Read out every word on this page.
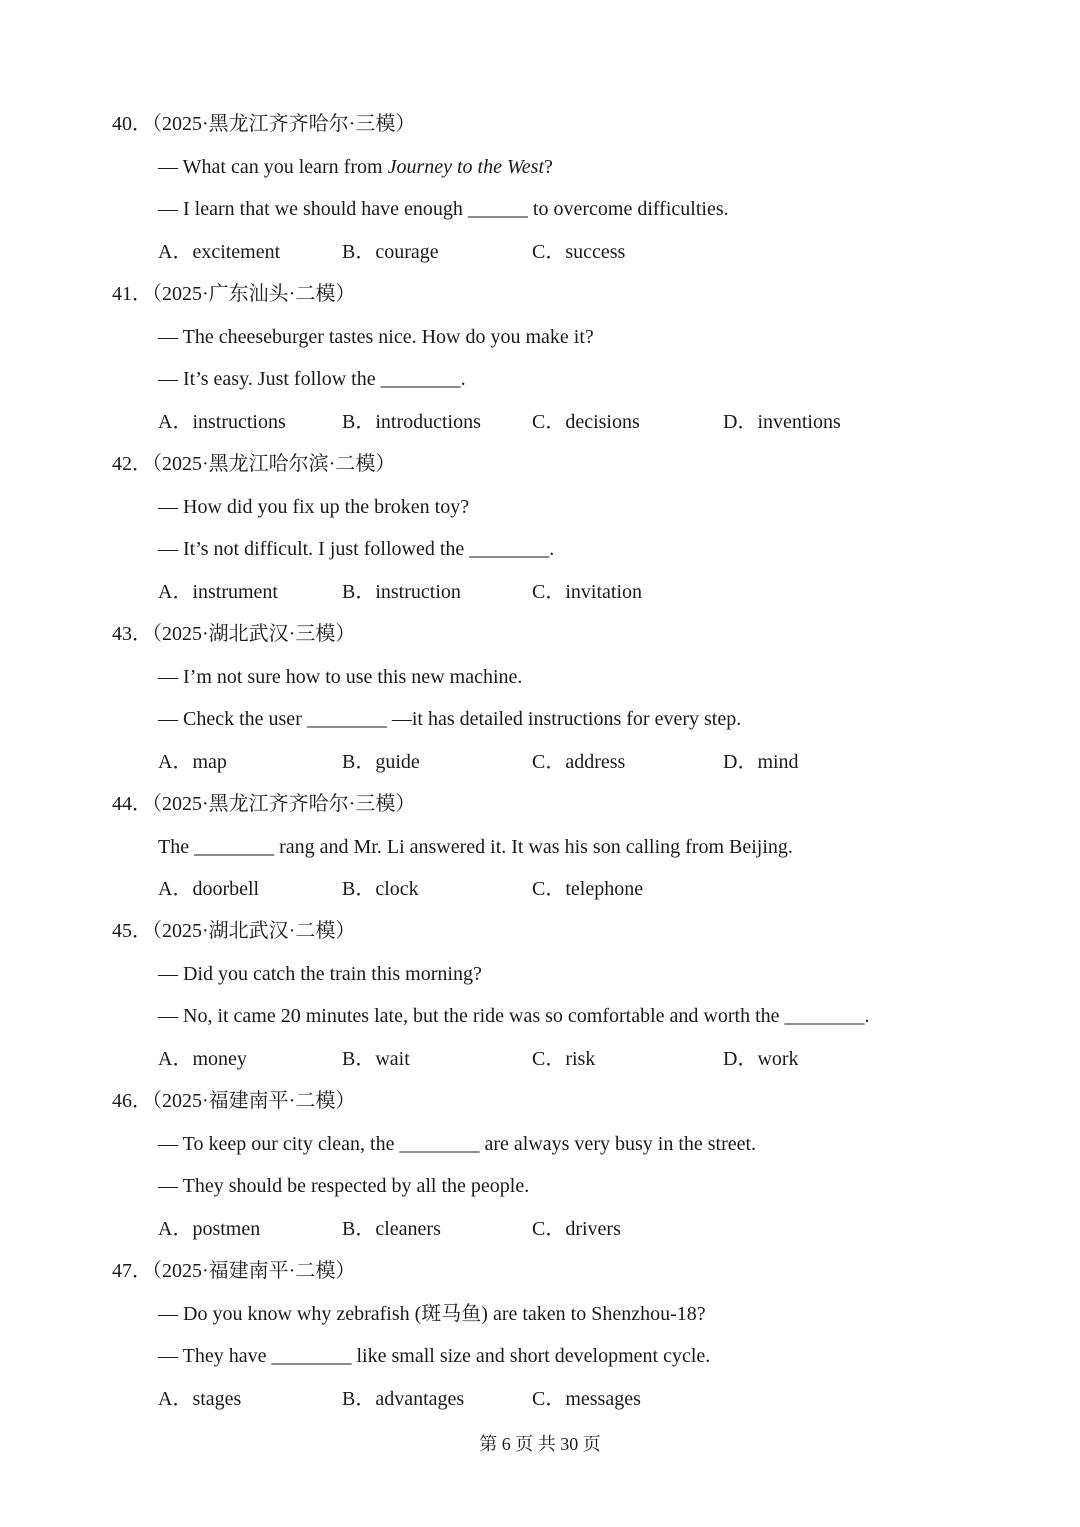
40．（2025·黑龙江齐齐哈尔·三模）
— What can you learn from Journey to the West?
— I learn that we should have enough ______ to overcome difficulties.
A．excitement	B．courage	C．success
41．（2025·广东汕头·二模）
— The cheeseburger tastes nice. How do you make it?
— It’s easy. Just follow the ________.
A．instructions	B．introductions	C．decisions	D．inventions
42．（2025·黑龙江哈尔滨·二模）
— How did you fix up the broken toy?
— It’s not difficult. I just followed the ________.
A．instrument	B．instruction	C．invitation
43．（2025·湖北武汉·三模）
— I’m not sure how to use this new machine.
— Check the user ________ —it has detailed instructions for every step.
A．map	B．guide	C．address	D．mind
44．（2025·黑龙江齐齐哈尔·三模）
The ________ rang and Mr. Li answered it. It was his son calling from Beijing.
A．doorbell	B．clock	C．telephone
45．（2025·湖北武汉·二模）
— Did you catch the train this morning?
— No, it came 20 minutes late, but the ride was so comfortable and worth the ________.
A．money	B．wait	C．risk	D．work
46．（2025·福建南平·二模）
— To keep our city clean, the ________ are always very busy in the street.
— They should be respected by all the people.
A．postmen	B．cleaners	C．drivers
47．（2025·福建南平·二模）
— Do you know why zebrafish (斑马鱼) are taken to Shenzhou-18?
— They have ________ like small size and short development cycle.
A．stages	B．advantages	C．messages
第 6 页 共 30 页
